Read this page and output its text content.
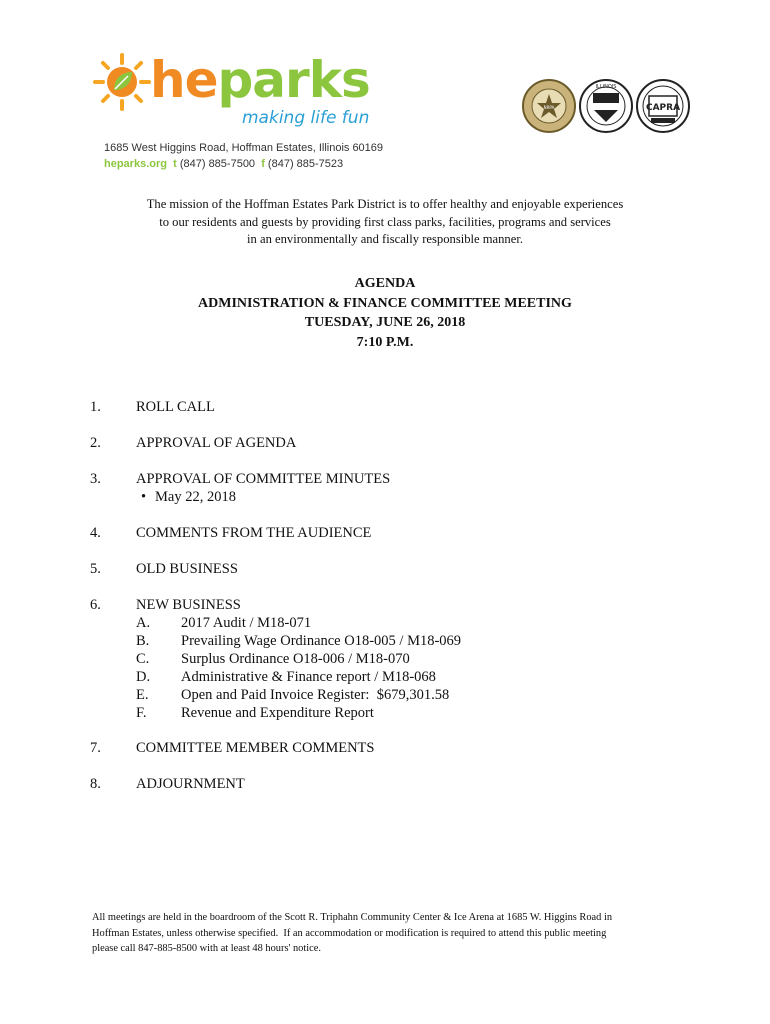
heparks
making life fun
1685 West Higgins Road, Hoffman Estates, Illinois 60169
heparks.org t (847) 885-7500 f (847) 885-7523
ILLINOIS
CAPRA
NRPA
The mission of the Hoffman Estates Park District is to offer healthy and enjoyable experiences
to our residents and guests by providing first class parks, facilities, programs and services
in an environmentally and fiscally responsible manner.
AGENDA
ADMINISTRATION & FINANCE COMMITTEE MEETING
TUESDAY, JUNE 26, 2018
7:10 P.M.
1. ROLL CALL
2. APPROVAL OF AGENDA
3. APPROVAL OF COMMITTEE MINUTES
• May 22, 2018
4. COMMENTS FROM THE AUDIENCE
5. OLD BUSINESS
6. NEW BUSINESS
A. 2017 Audit / M18-071
B. Prevailing Wage Ordinance O18-005 / M18-069
C. Surplus Ordinance O18-006 / M18-070
D. Administrative & Finance report / M18-068
E. Open and Paid Invoice Register:  $679,301.58
F. Revenue and Expenditure Report
7. COMMITTEE MEMBER COMMENTS
8. ADJOURNMENT
All meetings are held in the boardroom of the Scott R. Triphahn Community Center & Ice Arena at 1685 W. Higgins Road in
Hoffman Estates, unless otherwise specified.  If an accommodation or modification is required to attend this public meeting
please call 847-885-8500 with at least 48 hours' notice.
